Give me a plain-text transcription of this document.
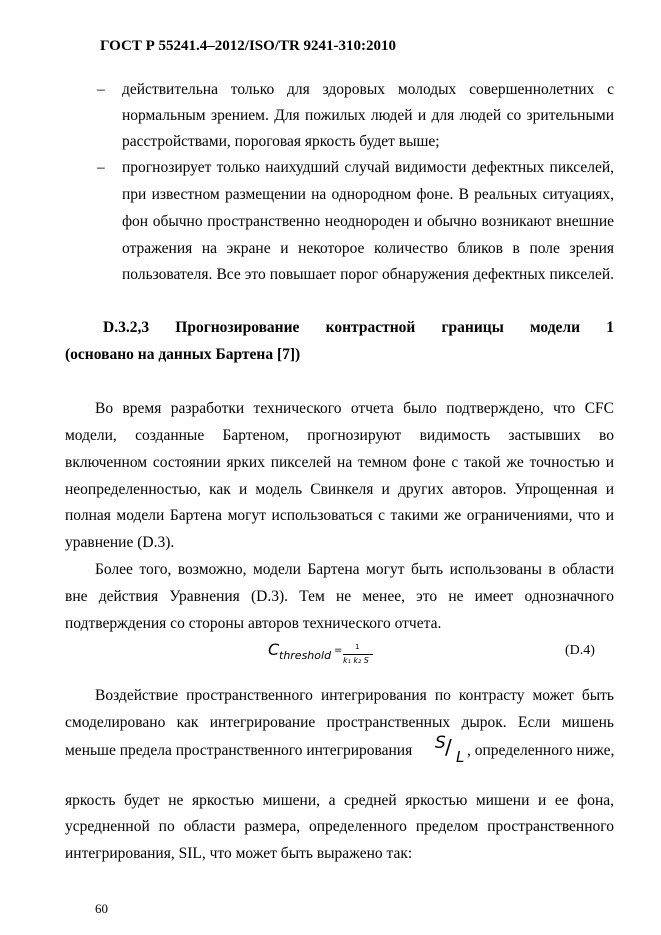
ГОСТ Р 55241.4–2012/ISO/TR 9241-310:2010
– действительна только для здоровых молодых совершеннолетних с
нормальным зрением. Для пожилых людей и для людей со зрительными
расстройствами, пороговая яркость будет выше;
– прогнозирует только наихудший случай видимости дефектных пикселей,
при известном размещении на однородном фоне. В реальных ситуациях,
фон обычно пространственно неоднороден и обычно возникают внешние
отражения на экране и некоторое количество бликов в поле зрения
пользователя. Все это повышает порог обнаружения дефектных пикселей.
D.3.2,3 Прогнозирование контрастной границы модели 1
(основано на данных Бартена [7])
Во время разработки технического отчета было подтверждено, что CFC
модели, созданные Бартеном, прогнозируют видимость застывших во
включенном состоянии ярких пикселей на темном фоне с такой же точностью и
неопределенностью, как и модель Свинкеля и других авторов. Упрощенная и
полная модели Бартена могут использоваться с такими же ограничениями, что и
уравнение (D.3).
Более того, возможно, модели Бартена могут быть использованы в области
вне действия Уравнения (D.3). Тем не менее, это не имеет однозначного
подтверждения со стороны авторов технического отчета.
C threshold = 1
k₁ k₂ S
(D.4)
Воздействие пространственного интегрирования по контрасту может быть
смоделировано как интегрирование пространственных дырок. Если мишень
меньше предела пространственного интегрирования S / L , определенного ниже,
яркость будет не яркостью мишени, а средней яркостью мишени и ее фона,
усредненной по области размера, определенного пределом пространственного
интегрирования, SIL, что может быть выражено так:
60
